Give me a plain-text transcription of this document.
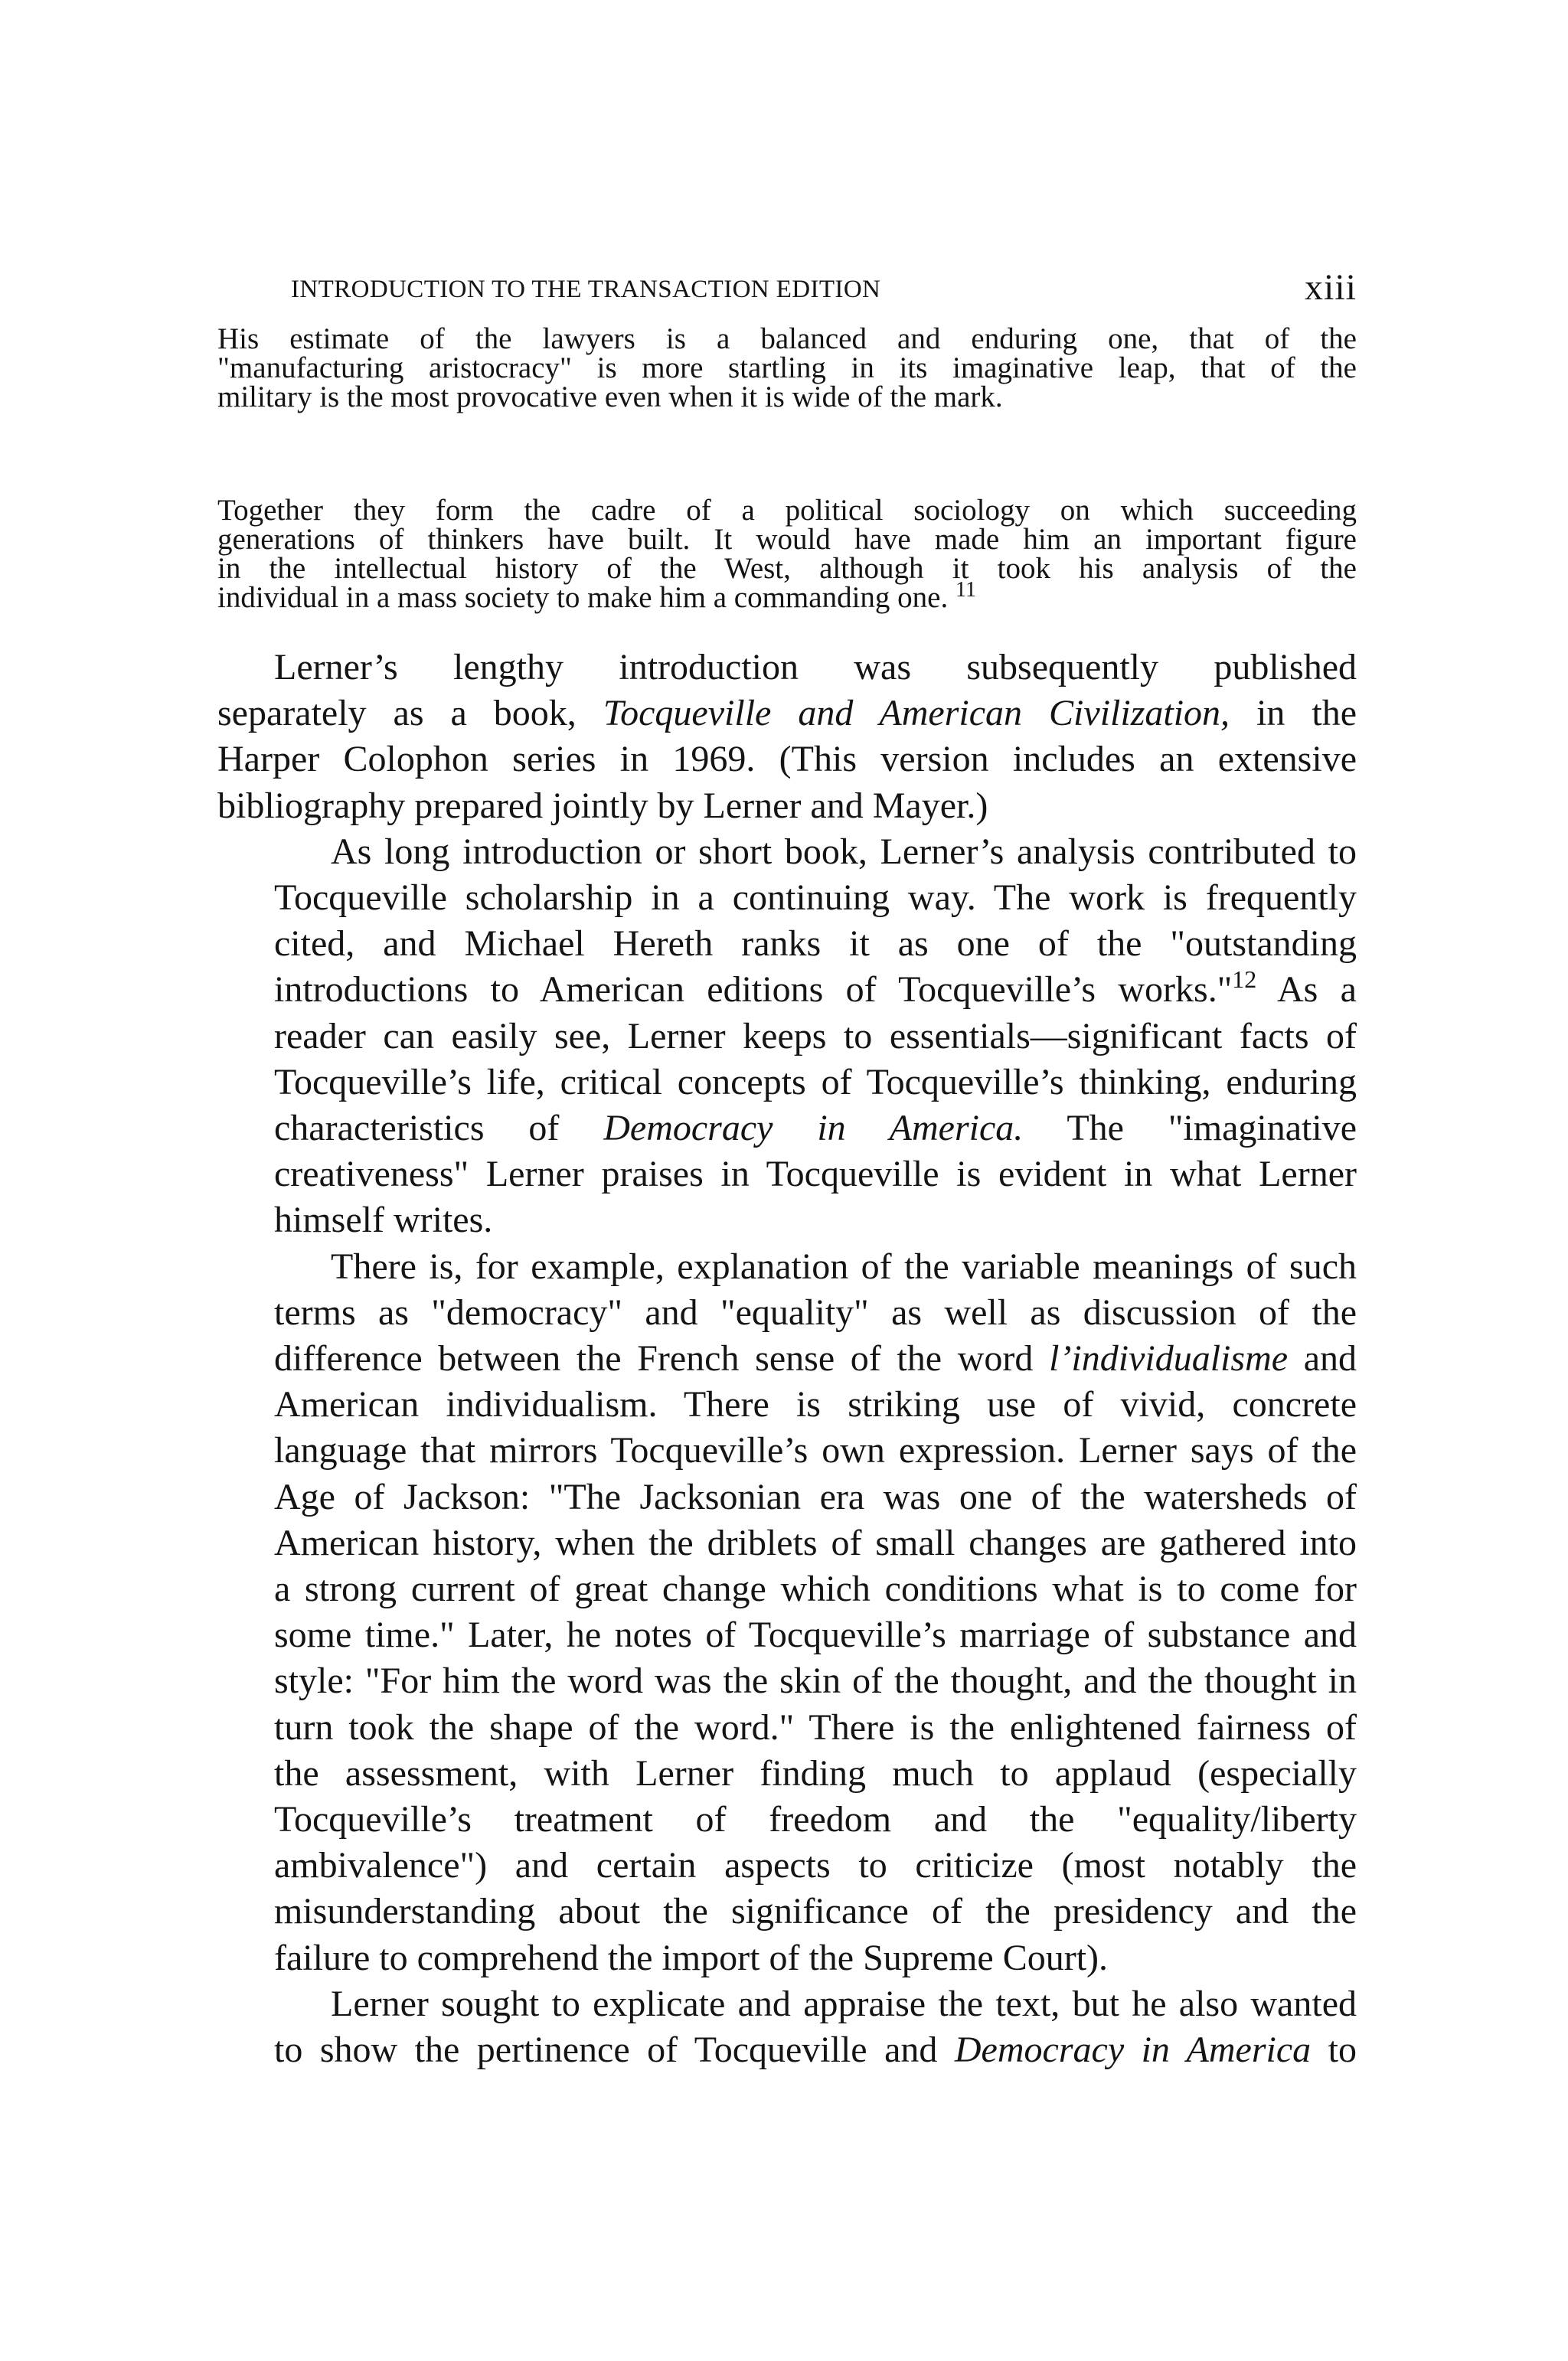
INTRODUCTION TO THE TRANSACTION EDITION	xiii
His estimate of the lawyers is a balanced and enduring one, that of the
"manufacturing aristocracy" is more startling in its imaginative leap, that of the
military is the most provocative even when it is wide of the mark.
Together they form the cadre of a political sociology on which succeeding
generations of thinkers have built. It would have made him an important figure
in the intellectual history of the West, although it took his analysis of the
individual in a mass society to make him a commanding one. $^{11}$

Lerner’s lengthy introduction was subsequently published
separately as a book, Tocqueville and American Civilization, in the
Harper Colophon series in 1969. (This version includes an extensive
bibliography prepared jointly by Lerner and Mayer.)

As long introduction or short book, Lerner’s analysis contributed to
Tocqueville scholarship in a continuing way. The work is frequently
cited, and Michael Hereth ranks it as one of the "outstanding
introductions to American editions of Tocqueville’s works."$^{12}$ As a
reader can easily see, Lerner keeps to essentials—significant facts of
Tocqueville’s life, critical concepts of Tocqueville’s thinking, enduring
characteristics of Democracy in America. The "imaginative
creativeness" Lerner praises in Tocqueville is evident in what Lerner
himself writes.

There is, for example, explanation of the variable meanings of such
terms as "democracy" and "equality" as well as discussion of the
difference between the French sense of the word l’individualisme and
American individualism. There is striking use of vivid, concrete
language that mirrors Tocqueville’s own expression. Lerner says of the
Age of Jackson: "The Jacksonian era was one of the watersheds of
American history, when the driblets of small changes are gathered into
a strong current of great change which conditions what is to come for
some time." Later, he notes of Tocqueville’s marriage of substance and
style: "For him the word was the skin of the thought, and the thought in
turn took the shape of the word." There is the enlightened fairness of
the assessment, with Lerner finding much to applaud (especially
Tocqueville’s treatment of freedom and the "equality/liberty
ambivalence") and certain aspects to criticize (most notably the
misunderstanding about the significance of the presidency and the
failure to comprehend the import of the Supreme Court).

Lerner sought to explicate and appraise the text, but he also wanted
to show the pertinence of Tocqueville and Democracy in America to
